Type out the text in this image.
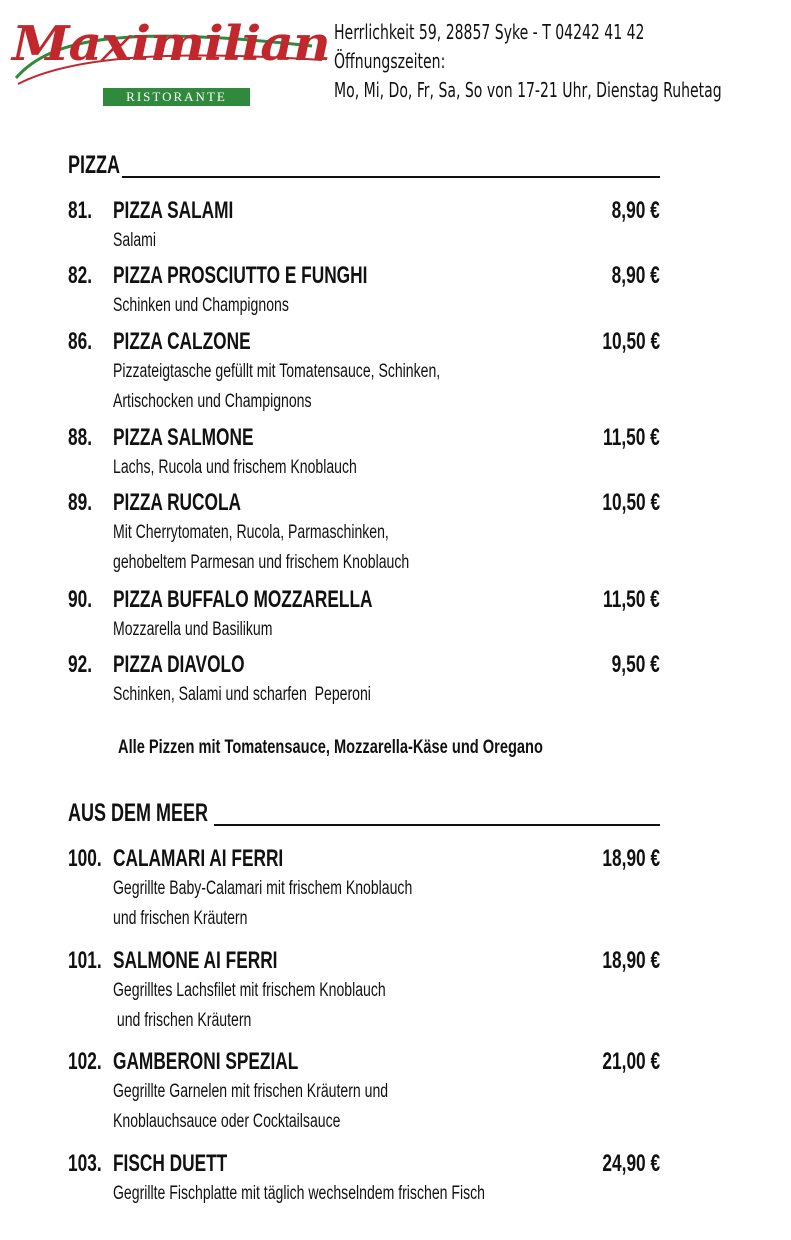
Maximilian
RISTORANTE
Herrlichkeit 59, 28857 Syke - T 04242 41 42
Öffnungszeiten:
Mo, Mi, Do, Fr, Sa, So von 17-21 Uhr, Dienstag Ruhetag
PIZZA
81. PIZZA SALAMI	8,90 €
Salami
82. PIZZA PROSCIUTTO E FUNGHI	8,90 €
Schinken und Champignons
86. PIZZA CALZONE	10,50 €
Pizzateigtasche gefüllt mit Tomatensauce, Schinken,
Artischocken und Champignons
88. PIZZA SALMONE	11,50 €
Lachs, Rucola und frischem Knoblauch
89. PIZZA RUCOLA	10,50 €
Mit Cherrytomaten, Rucola, Parmaschinken,
gehobeltem Parmesan und frischem Knoblauch
90. PIZZA BUFFALO MOZZARELLA	11,50 €
Mozzarella und Basilikum
92. PIZZA DIAVOLO	9,50 €
Schinken, Salami und scharfen  Peperoni
Alle Pizzen mit Tomatensauce, Mozzarella-Käse und Oregano
AUS DEM MEER
100. CALAMARI AI FERRI	18,90 €
Gegrillte Baby-Calamari mit frischem Knoblauch
und frischen Kräutern
101. SALMONE AI FERRI	18,90 €
Gegrilltes Lachsfilet mit frischem Knoblauch
und frischen Kräutern
102. GAMBERONI SPEZIAL	21,00 €
Gegrillte Garnelen mit frischen Kräutern und
Knoblauchsauce oder Cocktailsauce
103. FISCH DUETT	24,90 €
Gegrillte Fischplatte mit täglich wechselndem frischen Fisch
